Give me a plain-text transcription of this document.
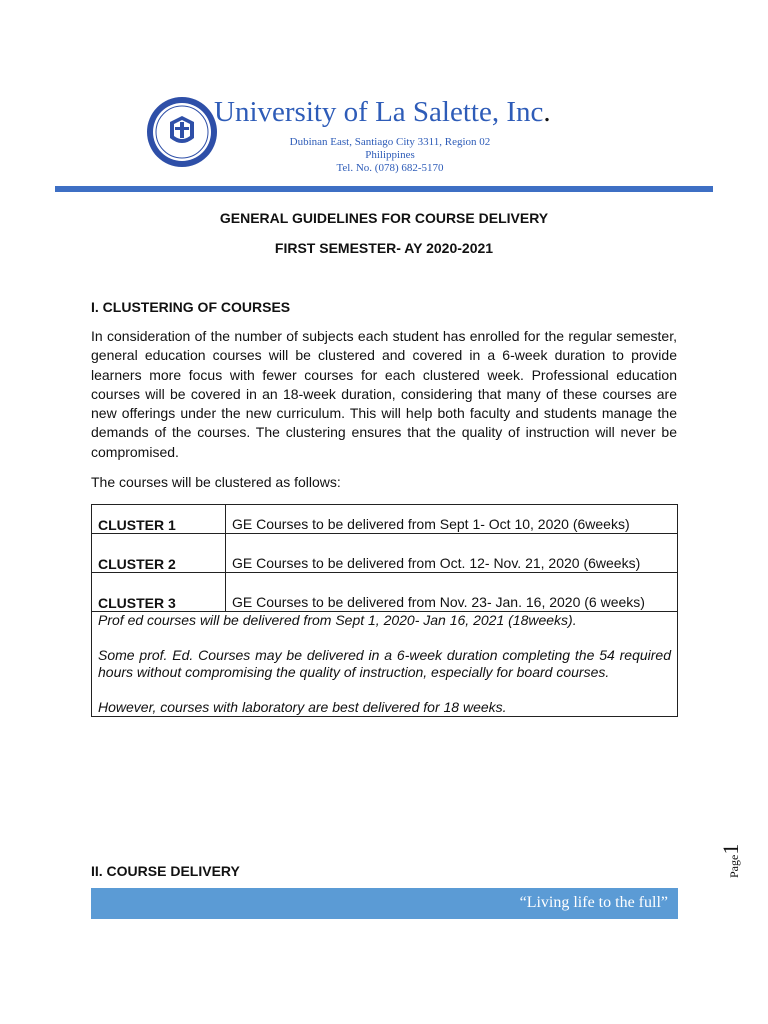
University of La Salette, Inc.
Dubinan East, Santiago City 3311, Region 02
Philippines
Tel. No. (078) 682-5170
GENERAL GUIDELINES FOR COURSE DELIVERY
FIRST SEMESTER- AY 2020-2021
I. CLUSTERING OF COURSES
In consideration of the number of subjects each student has enrolled for the regular semester, general education courses will be clustered and covered in a 6-week duration to provide learners more focus with fewer courses for each clustered week. Professional education courses will be covered in an 18-week duration, considering that many of these courses are new offerings under the new curriculum. This will help both faculty and students manage the demands of the courses. The clustering ensures that the quality of instruction will never be compromised.
The courses will be clustered as follows:
CLUSTER 1	GE Courses to be delivered from Sept 1- Oct 10, 2020 (6weeks)
CLUSTER 2	GE Courses to be delivered from Oct. 12- Nov. 21, 2020 (6weeks)
CLUSTER 3	GE Courses to be delivered from Nov. 23- Jan. 16, 2020 (6 weeks)

Prof ed courses will be delivered from Sept 1, 2020- Jan 16, 2021 (18weeks).

Some prof. Ed. Courses may be delivered in a 6-week duration completing the 54 required hours without compromising the quality of instruction, especially for board courses.

However, courses with laboratory are best delivered for 18 weeks.	

II. COURSE DELIVERY
“Living life to the full”
Page1
